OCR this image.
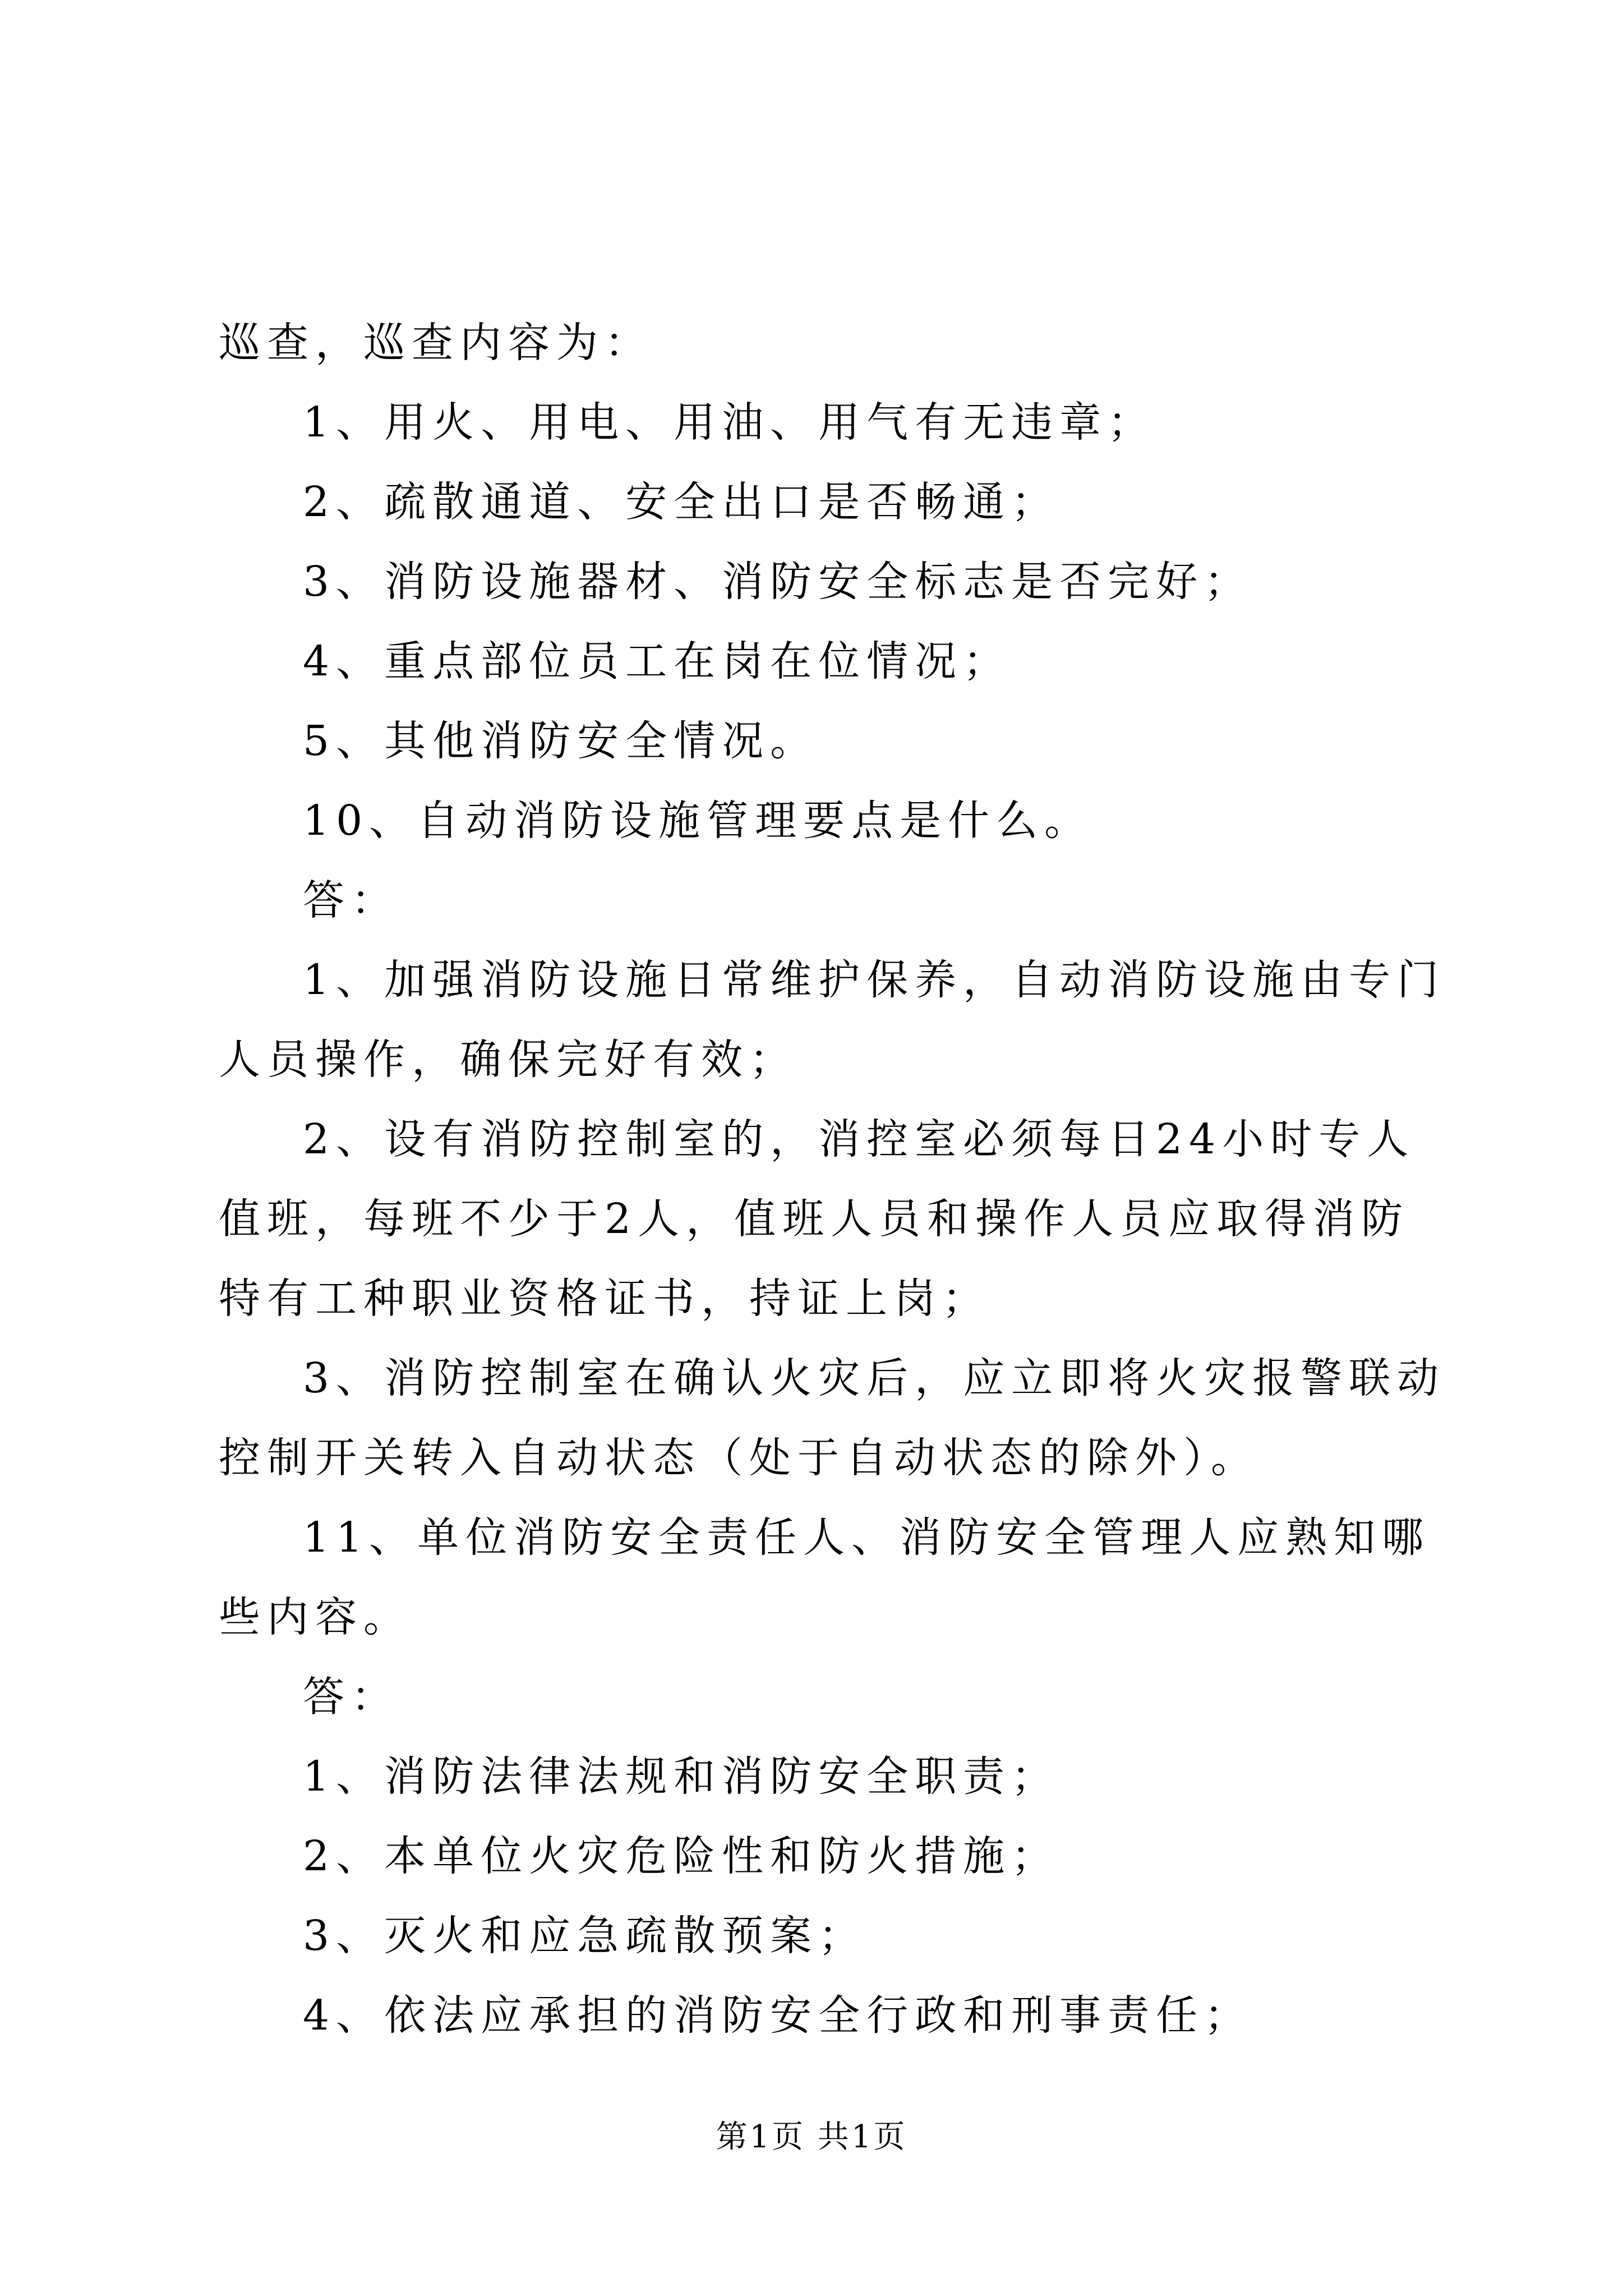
巡查，巡查内容为：

1、用火、用电、用油、用气有无违章；

2、疏散通道、安全出口是否畅通；

3、消防设施器材、消防安全标志是否完好；

4、重点部位员工在岗在位情况；

5、其他消防安全情况。

10、自动消防设施管理要点是什么。

答：

1、加强消防设施日常维护保养，自动消防设施由专门人员操作，确保完好有效；

2、设有消防控制室的，消控室必须每日24小时专人值班，每班不少于2人，值班人员和操作人员应取得消防特有工种职业资格证书，持证上岗；

3、消防控制室在确认火灾后，应立即将火灾报警联动控制开关转入自动状态（处于自动状态的除外）。

11、单位消防安全责任人、消防安全管理人应熟知哪些内容。

答：

1、消防法律法规和消防安全职责；

2、本单位火灾危险性和防火措施；

3、灭火和应急疏散预案；

4、依法应承担的消防安全行政和刑事责任；

第1页 共1页
